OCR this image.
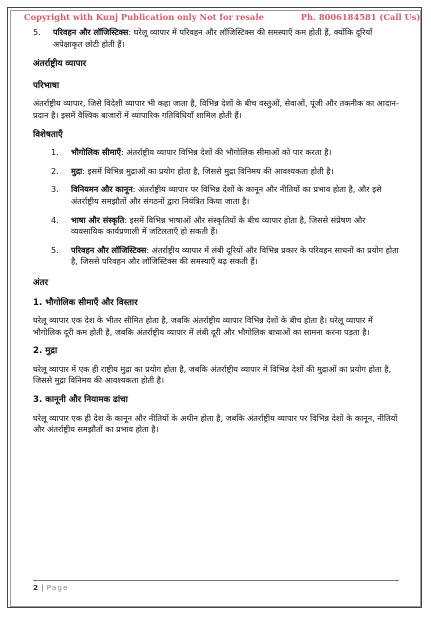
Copyright with Kunj Publication only Not for resale	Ph. 8006184581 (Call Us)
5. परिवहन और लॉजिस्टिक्स: घरेलू व्यापार में परिवहन और लॉजिस्टिक्स की समस्याएँ कम होती हैं, क्योंकि दूरियाँ अपेक्षाकृत छोटी होती हैं।

अंतर्राष्ट्रीय व्यापार

परिभाषा

अंतर्राष्ट्रीय व्यापार, जिसे विदेशी व्यापार भी कहा जाता है, विभिन्न देशों के बीच वस्तुओं, सेवाओं, पूंजी और तकनीक का आदान-प्रदान है। इसमें वैश्विक बाजारों में व्यापारिक गतिविधियाँ शामिल होती हैं।

विशेषताएँ

1. भौगोलिक सीमाएँ: अंतर्राष्ट्रीय व्यापार विभिन्न देशों की भौगोलिक सीमाओं को पार करता है।
2. मुद्रा: इसमें विभिन्न मुद्राओं का प्रयोग होता है, जिससे मुद्रा विनिमय की आवश्यकता होती है।
3. विनियमन और कानून: अंतर्राष्ट्रीय व्यापार पर विभिन्न देशों के कानून और नीतियों का प्रभाव होता है, और इसे अंतर्राष्ट्रीय समझौतों और संगठनों द्वारा नियंत्रित किया जाता है।
4. भाषा और संस्कृति: इसमें विभिन्न भाषाओं और संस्कृतियों के बीच व्यापार होता है, जिससे संप्रेषण और व्यवसायिक कार्यप्रणाली में जटिलताएँ हो सकती हैं।
5. परिवहन और लॉजिस्टिक्स: अंतर्राष्ट्रीय व्यापार में लंबी दूरियों और विभिन्न प्रकार के परिवहन साधनों का प्रयोग होता है, जिससे परिवहन और लॉजिस्टिक्स की समस्याएँ बढ़ सकती हैं।

अंतर

1. भौगोलिक सीमाएँ और विस्तार

घरेलू व्यापार एक देश के भीतर सीमित होता है, जबकि अंतर्राष्ट्रीय व्यापार विभिन्न देशों के बीच होता है। घरेलू व्यापार में भौगोलिक दूरी कम होती है, जबकि अंतर्राष्ट्रीय व्यापार में लंबी दूरी और भौगोलिक बाधाओं का सामना करना पड़ता है।

2. मुद्रा

घरेलू व्यापार में एक ही राष्ट्रीय मुद्रा का प्रयोग होता है, जबकि अंतर्राष्ट्रीय व्यापार में विभिन्न देशों की मुद्राओं का प्रयोग होता है, जिससे मुद्रा विनिमय की आवश्यकता होती है।

3. कानूनी और नियामक ढांचा

घरेलू व्यापार एक ही देश के कानून और नीतियों के अधीन होता है, जबकि अंतर्राष्ट्रीय व्यापार पर विभिन्न देशों के कानून, नीतियों और अंतर्राष्ट्रीय समझौतों का प्रभाव होता है।

2 | Page
